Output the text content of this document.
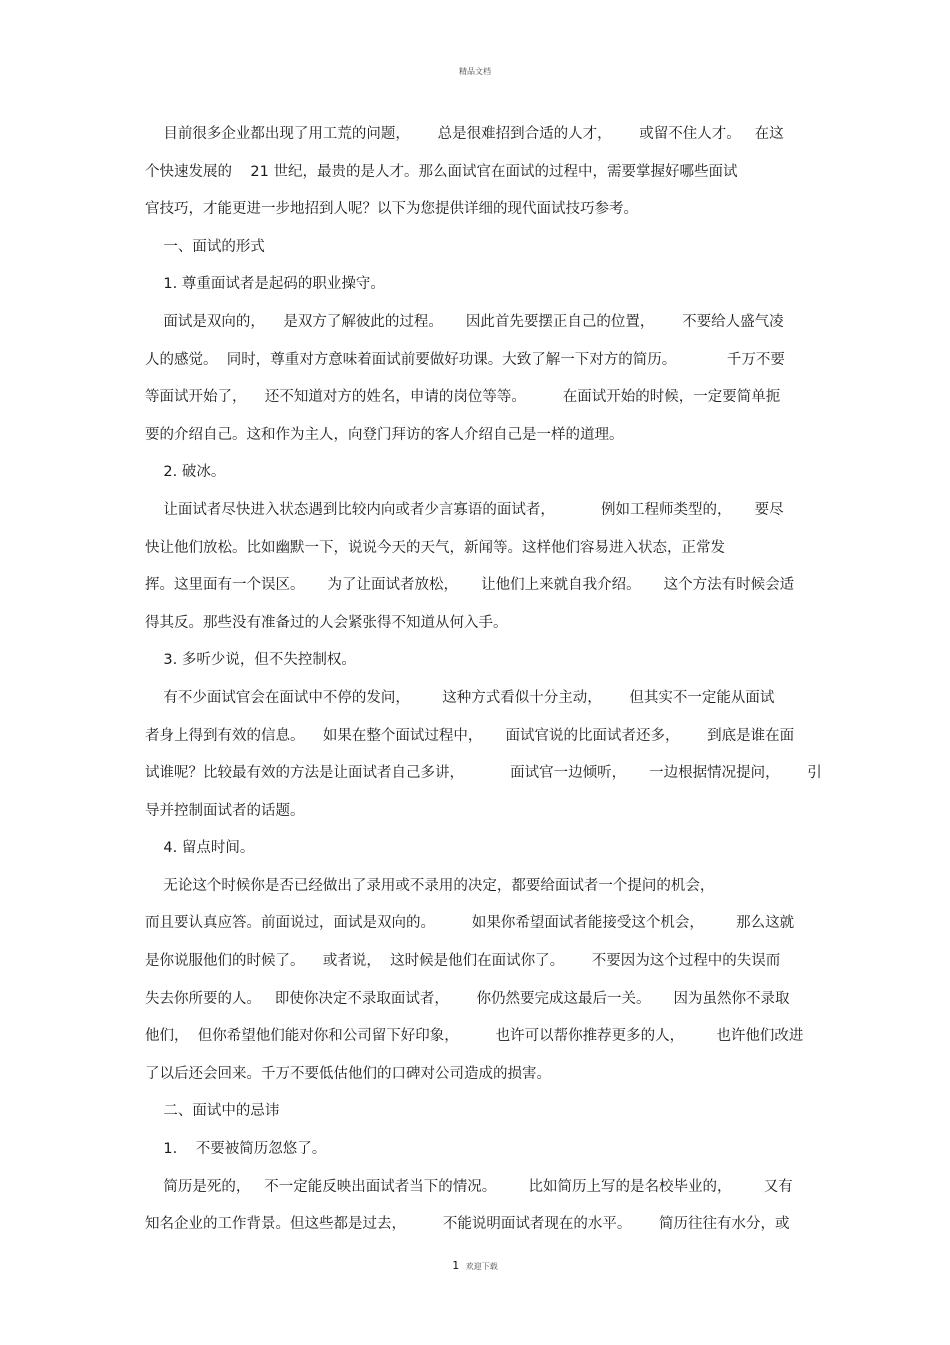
精品文档
目前很多企业都出现了用工荒的问题，      总是很难招到合适的人才，      或留不住人才。   在这
个快速发展的    21 世纪，最贵的是人才。那么面试官在面试的过程中，需要掌握好哪些面试
官技巧，才能更进一步地招到人呢？以下为您提供详细的现代面试技巧参考。
一、面试的形式
1. 尊重面试者是起码的职业操守。
面试是双向的，    是双方了解彼此的过程。     因此首先要摆正自己的位置，      不要给人盛气凌
人的感觉。  同时，尊重对方意味着面试前要做好功课。大致了解一下对方的简历。           千万不要
等面试开始了，    还不知道对方的姓名，申请的岗位等等。        在面试开始的时候，一定要简单扼
要的介绍自己。这和作为主人，向登门拜访的客人介绍自己是一样的道理。
2. 破冰。
让面试者尽快进入状态遇到比较内向或者少言寡语的面试者，          例如工程师类型的，     要尽
快让他们放松。比如幽默一下，说说今天的天气，新闻等。这样他们容易进入状态，正常发
挥。这里面有一个误区。     为了让面试者放松，     让他们上来就自我介绍。     这个方法有时候会适
得其反。那些没有准备过的人会紧张得不知道从何入手。
3. 多听少说，但不失控制权。
有不少面试官会在面试中不停的发问，       这种方式看似十分主动，      但其实不一定能从面试
者身上得到有效的信息。    如果在整个面试过程中，     面试官说的比面试者还多，      到底是谁在面
试谁呢？比较最有效的方法是让面试者自己多讲，          面试官一边倾听，     一边根据情况提问，      引
导并控制面试者的话题。
4. 留点时间。
无论这个时候你是否已经做出了录用或不录用的决定，都要给面试者一个提问的机会，
而且要认真应答。前面说过，面试是双向的。        如果你希望面试者能接受这个机会，       那么这就
是你说服他们的时候了。    或者说，  这时候是他们在面试你了。      不要因为这个过程中的失误而
失去你所要的人。   即使你决定不录取面试者，      你仍然要完成这最后一关。     因为虽然你不录取
他们，  但你希望他们能对你和公司留下好印象，        也许可以帮你推荐更多的人，       也许他们改进
了以后还会回来。千万不要低估他们的口碑对公司造成的损害。
二、面试中的忌讳
1.    不要被简历忽悠了。
简历是死的，   不一定能反映出面试者当下的情况。       比如简历上写的是名校毕业的，       又有
知名企业的工作背景。但这些都是过去，        不能说明面试者现在的水平。      简历往往有水分，或
1 欢迎下载
